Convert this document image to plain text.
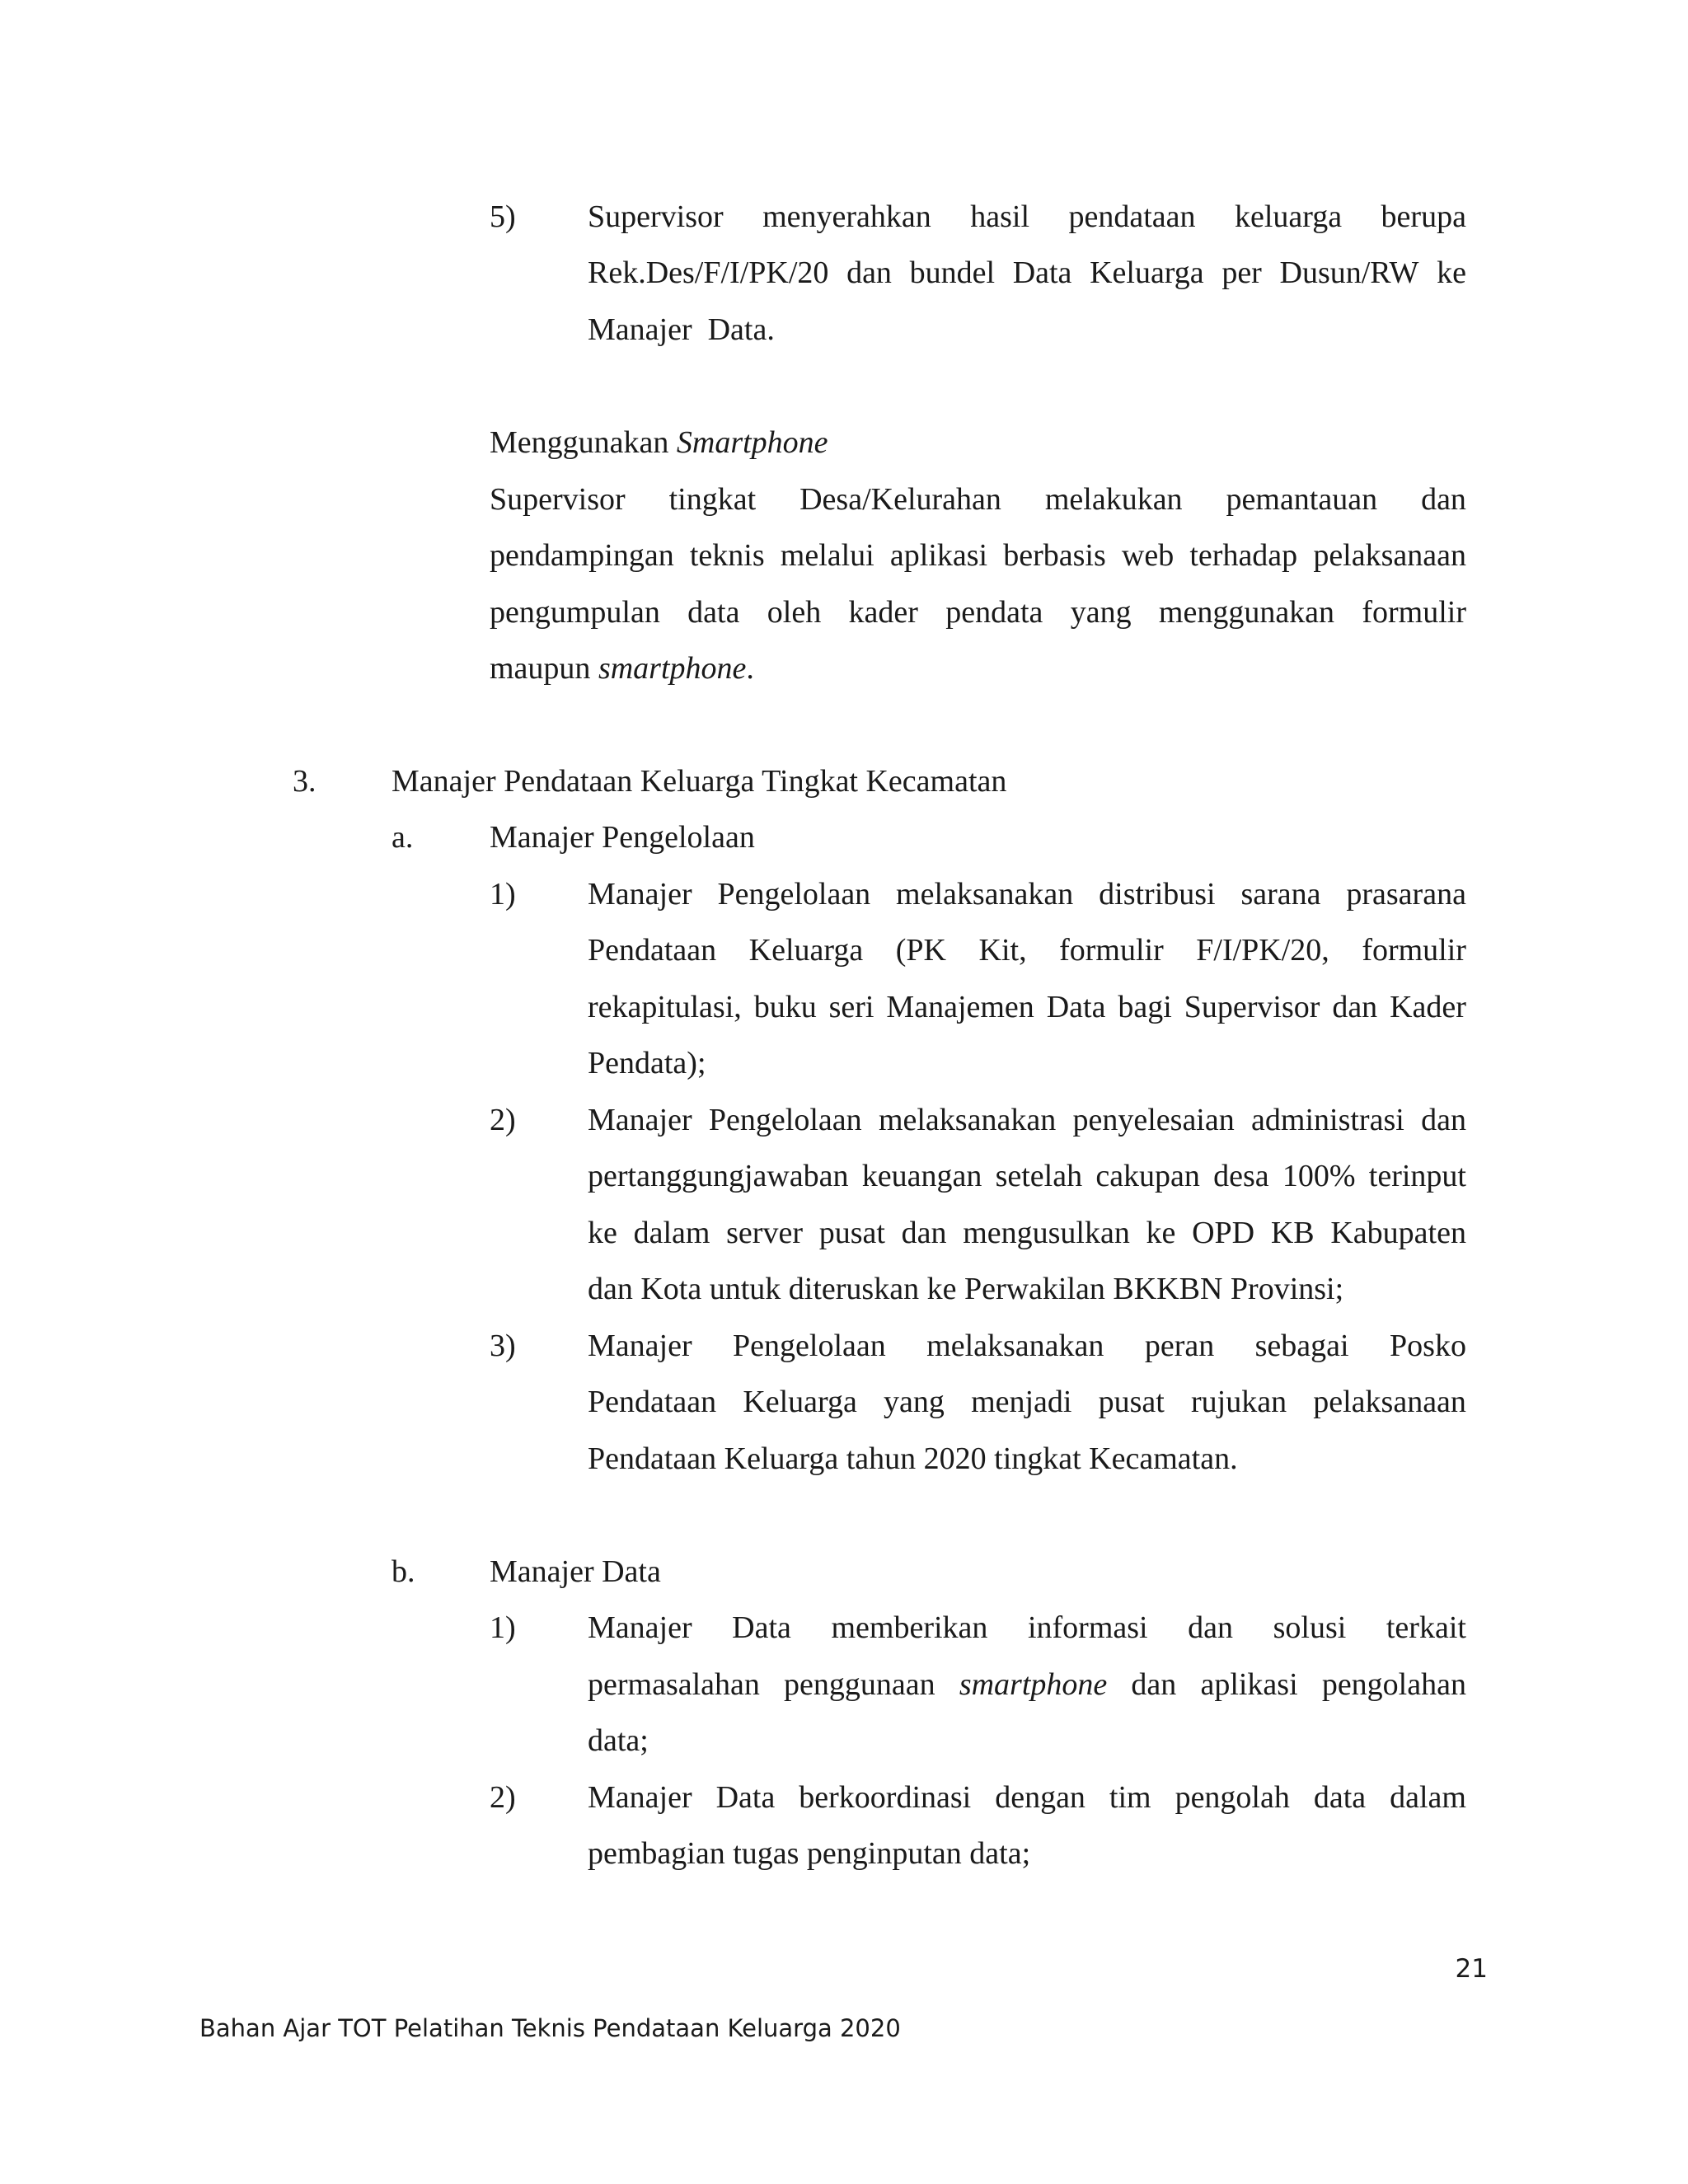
5) Supervisor menyerahkan hasil pendataan keluarga berupa
Rek.Des/F/I/PK/20 dan bundel Data Keluarga per Dusun/RW ke
Manajer  Data.
Menggunakan Smartphone
Supervisor tingkat Desa/Kelurahan melakukan pemantauan dan
pendampingan teknis melalui aplikasi berbasis web terhadap pelaksanaan
pengumpulan data oleh kader pendata yang menggunakan formulir
maupun smartphone.
3. Manajer Pendataan Keluarga Tingkat Kecamatan
a. Manajer Pengelolaan
1) Manajer Pengelolaan melaksanakan distribusi sarana prasarana
Pendataan Keluarga (PK Kit, formulir F/I/PK/20, formulir
rekapitulasi, buku seri Manajemen Data bagi Supervisor dan Kader
Pendata);
2) Manajer Pengelolaan melaksanakan penyelesaian administrasi dan
pertanggungjawaban keuangan setelah cakupan desa 100% terinput
ke dalam server pusat dan mengusulkan ke OPD KB Kabupaten
dan Kota untuk diteruskan ke Perwakilan BKKBN Provinsi;
3) Manajer Pengelolaan melaksanakan peran sebagai Posko
Pendataan Keluarga yang menjadi pusat rujukan pelaksanaan
Pendataan Keluarga tahun 2020 tingkat Kecamatan.
b. Manajer Data
1) Manajer Data memberikan informasi dan solusi terkait
permasalahan penggunaan smartphone dan aplikasi pengolahan
data;
2) Manajer Data berkoordinasi dengan tim pengolah data dalam
pembagian tugas penginputan data;
21
Bahan Ajar TOT Pelatihan Teknis Pendataan Keluarga 2020
